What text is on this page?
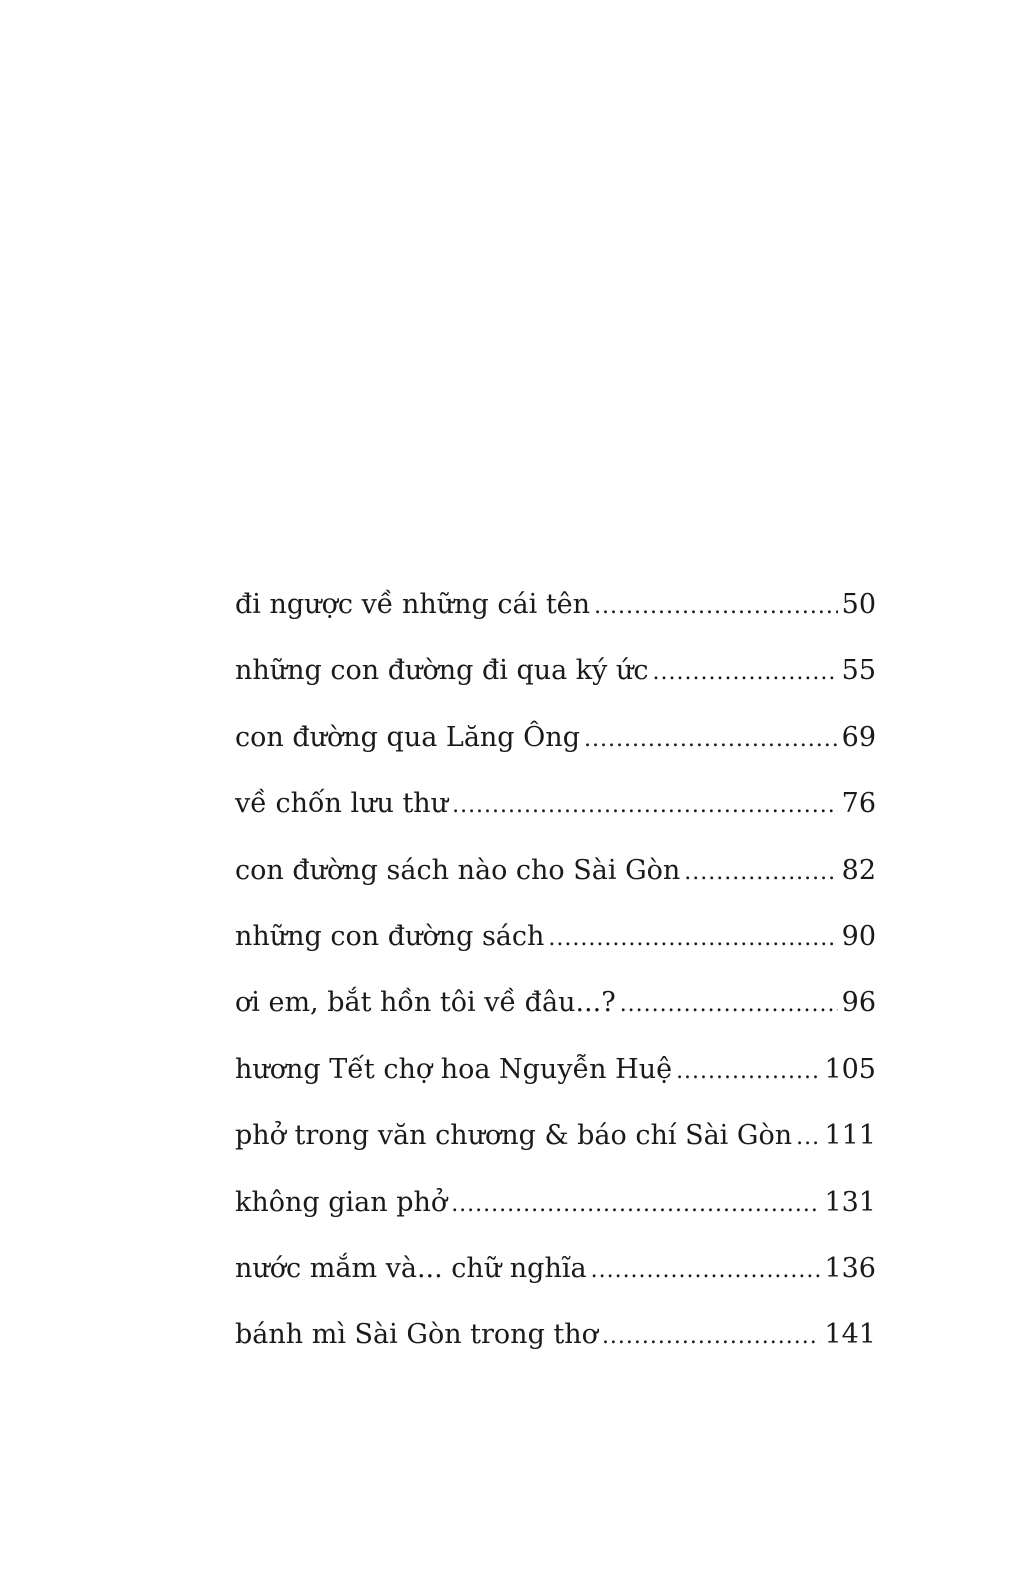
đi ngược về những cái tên .....	50
những con đường đi qua ký ức .....	55
con đường qua Lăng Ông .....	69
về chốn lưu thư .....	76
con đường sách nào cho Sài Gòn .....	82
những con đường sách .....	90
ơi em, bắt hồn tôi về đâu...? .....	96
hương Tết chợ hoa Nguyễn Huệ .....	105
phở trong văn chương & báo chí Sài Gòn ..... 111
không gian phở .....	131
nước mắm và... chữ nghĩa .....	136
bánh mì Sài Gòn trong thơ .....	141
